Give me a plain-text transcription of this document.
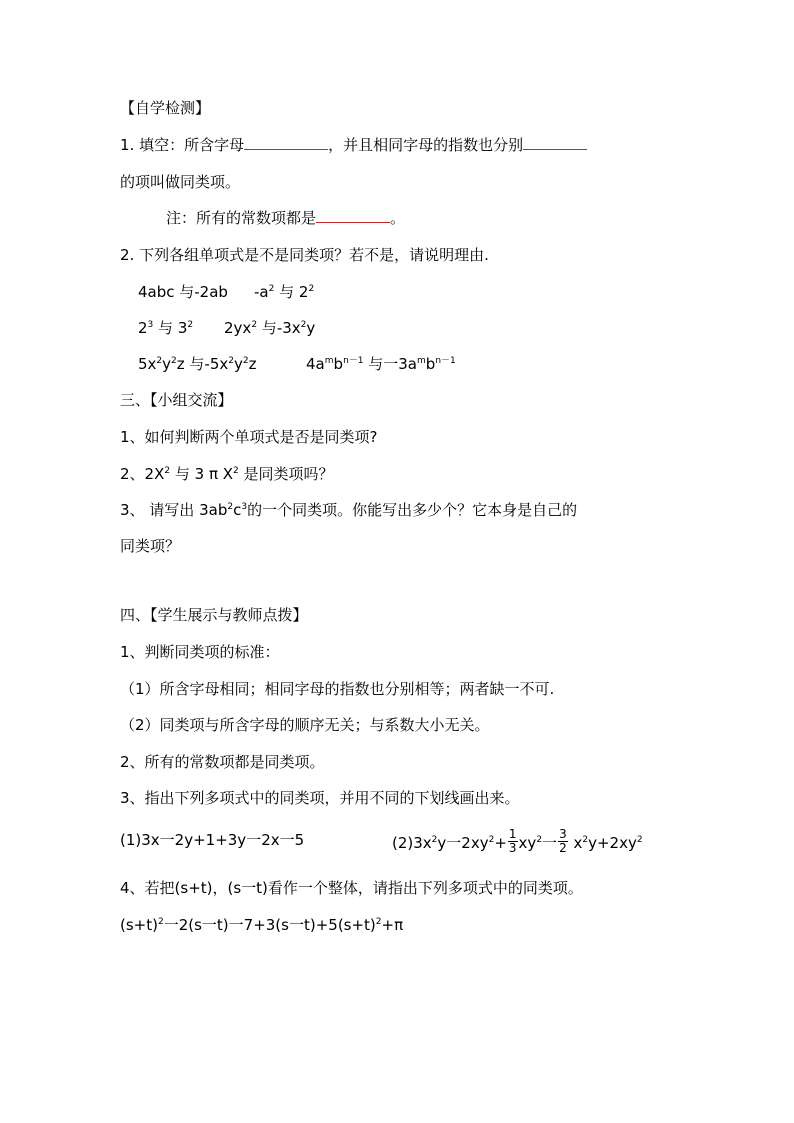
【自学检测】
1. 填空：所含字母	，并且相同字母的指数也分别
的项叫做同类项。
注：所有的常数项都是	。
2. 下列各组单项式是不是同类项？若不是，请说明理由.
4abc 与-2ab $-a^2$ 与 $2^2$
$2^3$ 与 $3^2$ $2yx^2$ 与$-3x^2y$
$5x^2y^2z$ 与$-5x^2y^2z$	$4a^mb^{n-1}$ 与一$3a^mb^{n-1}$
三、【小组交流】
1、如何判断两个单项式是否是同类项?
2、$2X^2$ 与 3 π $X^2$ 是同类项吗？
3、 请写出 $3ab^2c^3$的一个同类项。你能写出多少个？它本身是自己的
同类项？
四、【学生展示与教师点拨】
1、判断同类项的标准：
（1）所含字母相同；相同字母的指数也分别相等；两者缺一不可.
（2）同类项与所含字母的顺序无关；与系数大小无关。
2、所有的常数项都是同类项。
3、指出下列多项式中的同类项，并用不同的下划线画出来。
(1)3x一2y+1+3y一2x一5	$(2)3x^2y$一$2xy^2+ \frac{1}{3} xy^2$一 $\frac{3}{2} x^2y+2xy^2$
4、若把(s+t)，(s一t)看作一个整体，请指出下列多项式中的同类项。
$(s+t)^2$一2(s一t)一7+3(s一$t)+5(s+t)^2+\pi$
